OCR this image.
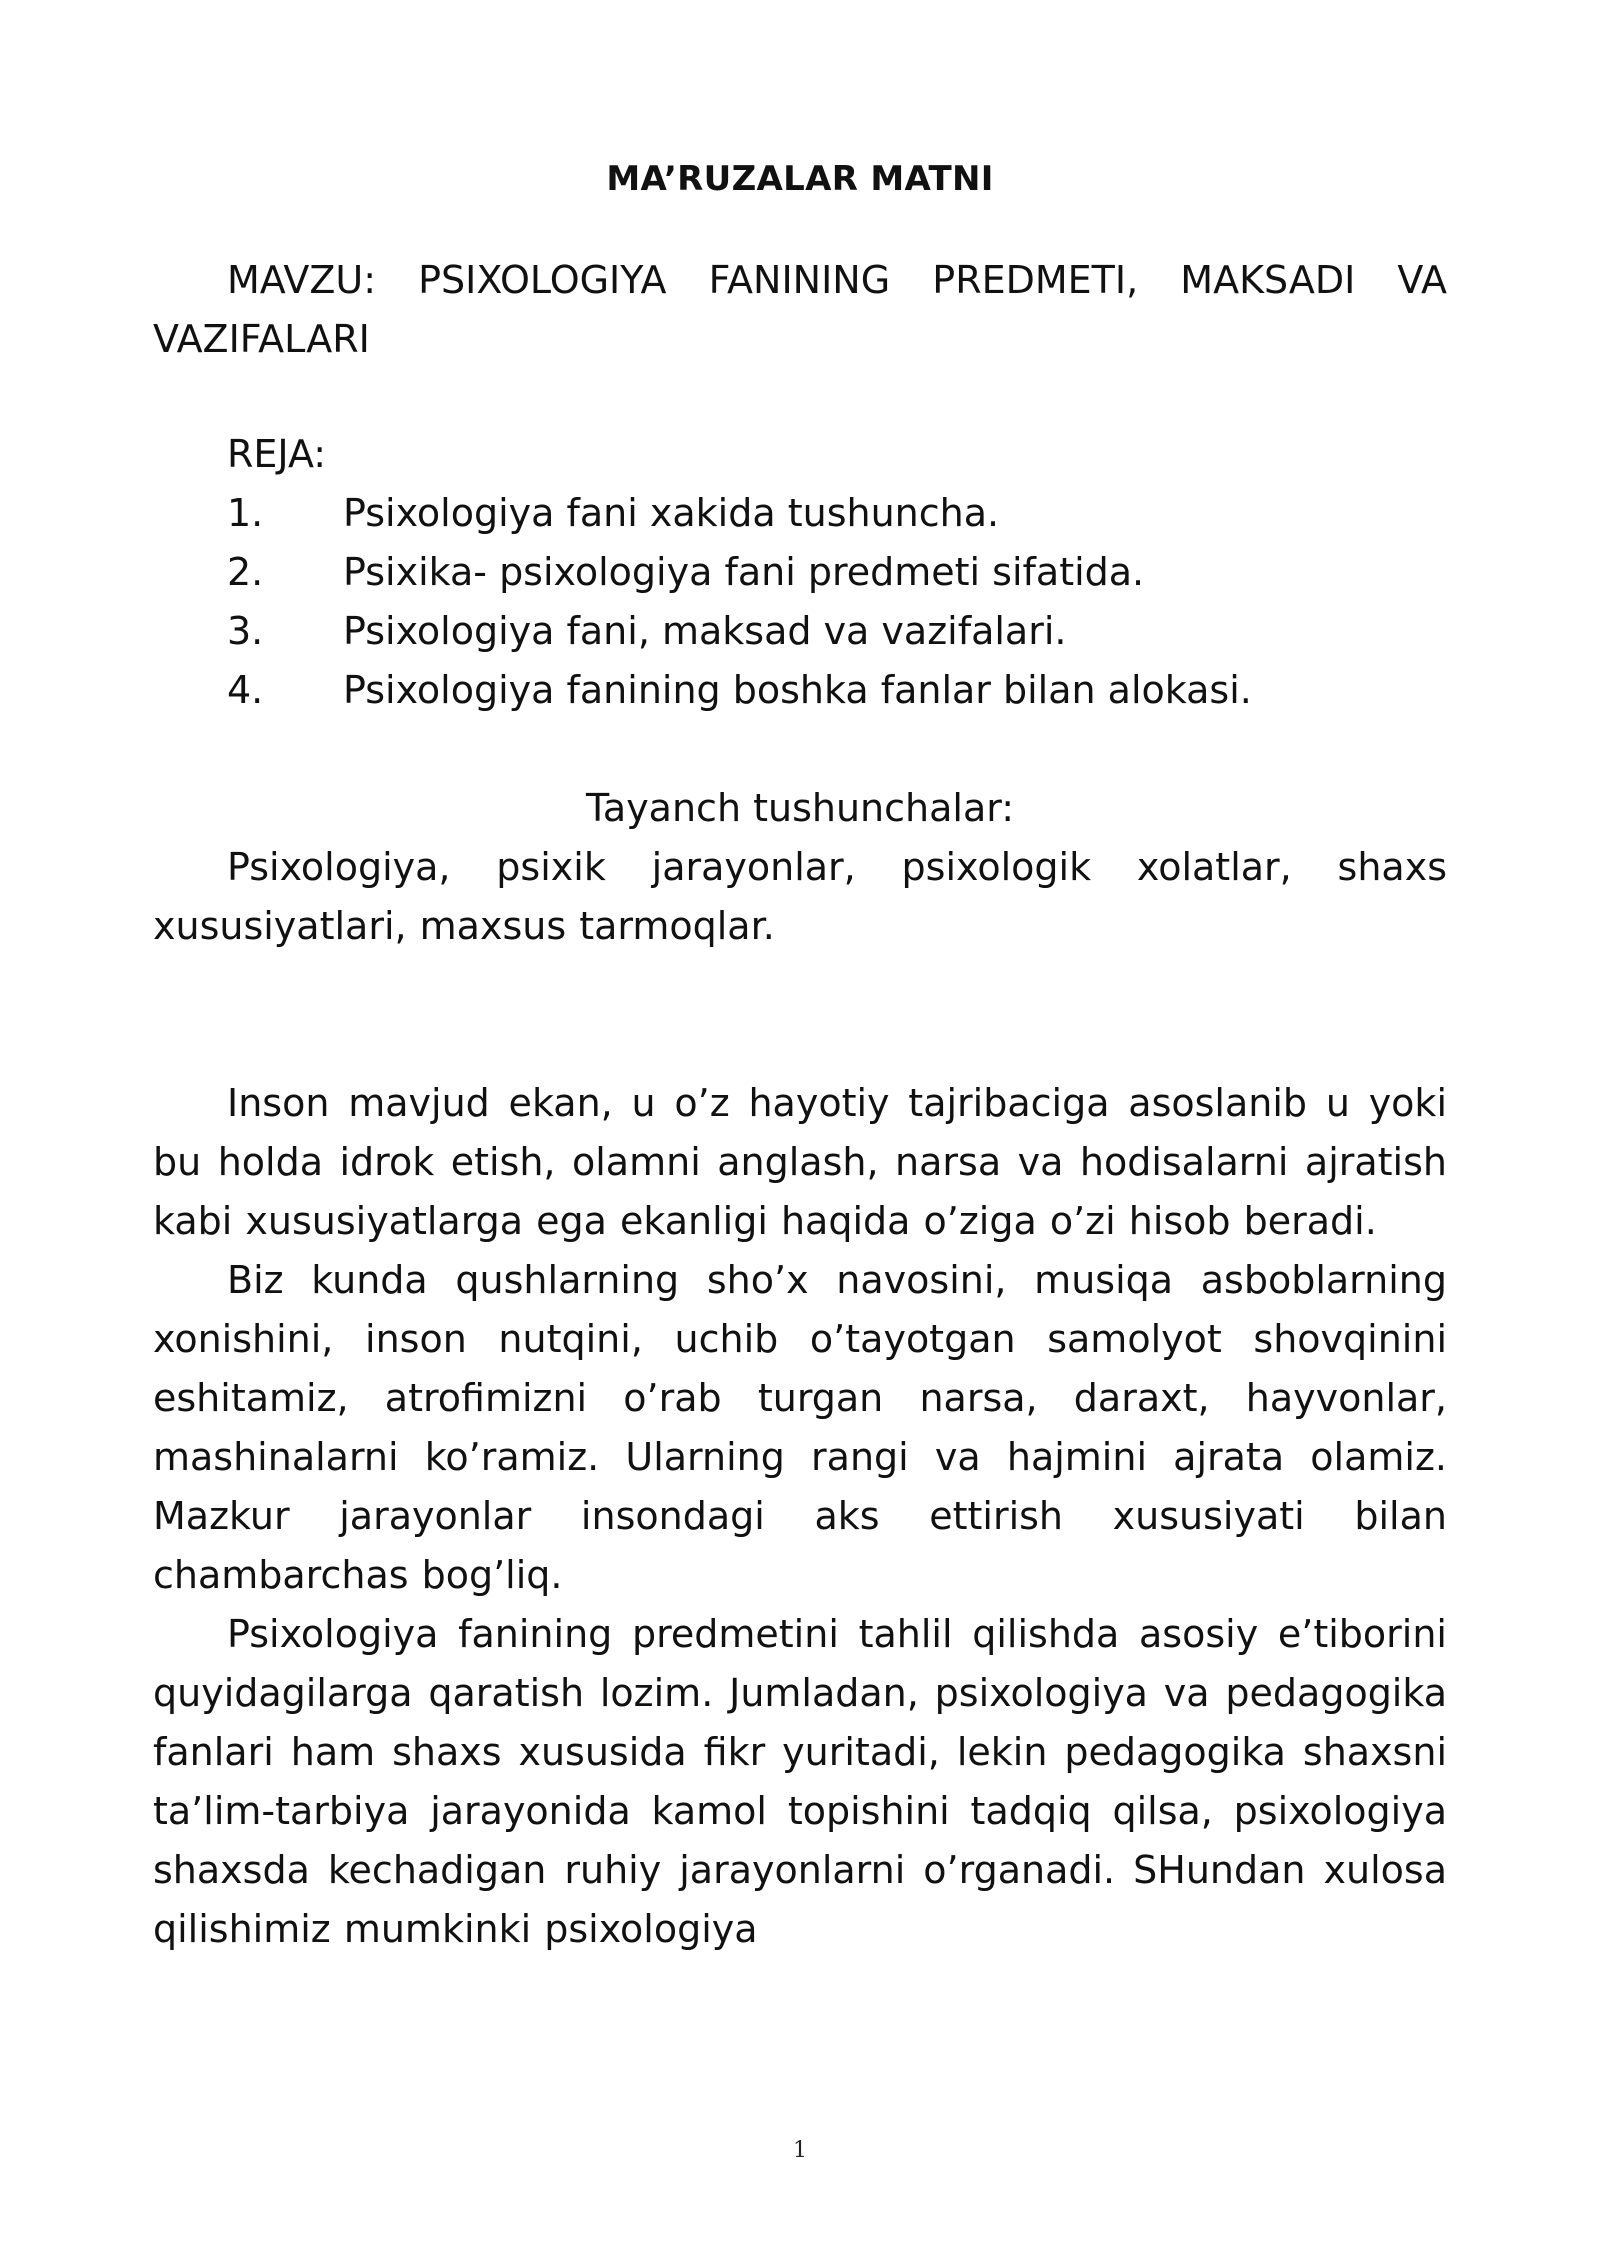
MA’RUZALAR MATNI

MAVZU: PSIXOLOGIYA FANINING PREDMETI, MAKSADI VA VAZIFALARI

REJA:

1.	Psixologiya fani xakida tushuncha.
2.	Psixika- psixologiya fani predmeti sifatida.
3.	Psixologiya fani, maksad va vazifalari.
4.	Psixologiya fanining boshka fanlar bilan alokasi.

Tayanch tushunchalar:

Psixologiya, psixik jarayonlar, psixologik xolatlar, shaxs xususiyatlari, maxsus tarmoqlar.

Inson mavjud ekan, u o’z hayotiy tajribaciga asoslanib u yoki bu holda idrok etish, olamni anglash, narsa va hodisalarni ajratish kabi xususiyatlarga ega ekanligi haqida o’ziga o’zi hisob beradi.

Biz kunda qushlarning sho’x navosini, musiqa asboblarning xonishini, inson nutqini, uchib o’tayotgan samolyot shovqinini eshitamiz, atrofimizni o’rab turgan narsa, daraxt, hayvonlar, mashinalarni ko’ramiz. Ularning rangi va hajmini ajrata olamiz. Mazkur jarayonlar insondagi aks ettirish xususiyati bilan chambarchas bog’liq.

Psixologiya fanining predmetini tahlil qilishda asosiy e’tiborini quyidagilarga qaratish lozim. Jumladan, psixologiya va pedagogika fanlari ham shaxs xususida fikr yuritadi, lekin pedagogika shaxsni ta’lim-tarbiya jarayonida kamol topishini tadqiq qilsa, psixologiya shaxsda kechadigan ruhiy jarayonlarni o’rganadi. SHundan xulosa qilishimiz mumkinki psixologiya

1
